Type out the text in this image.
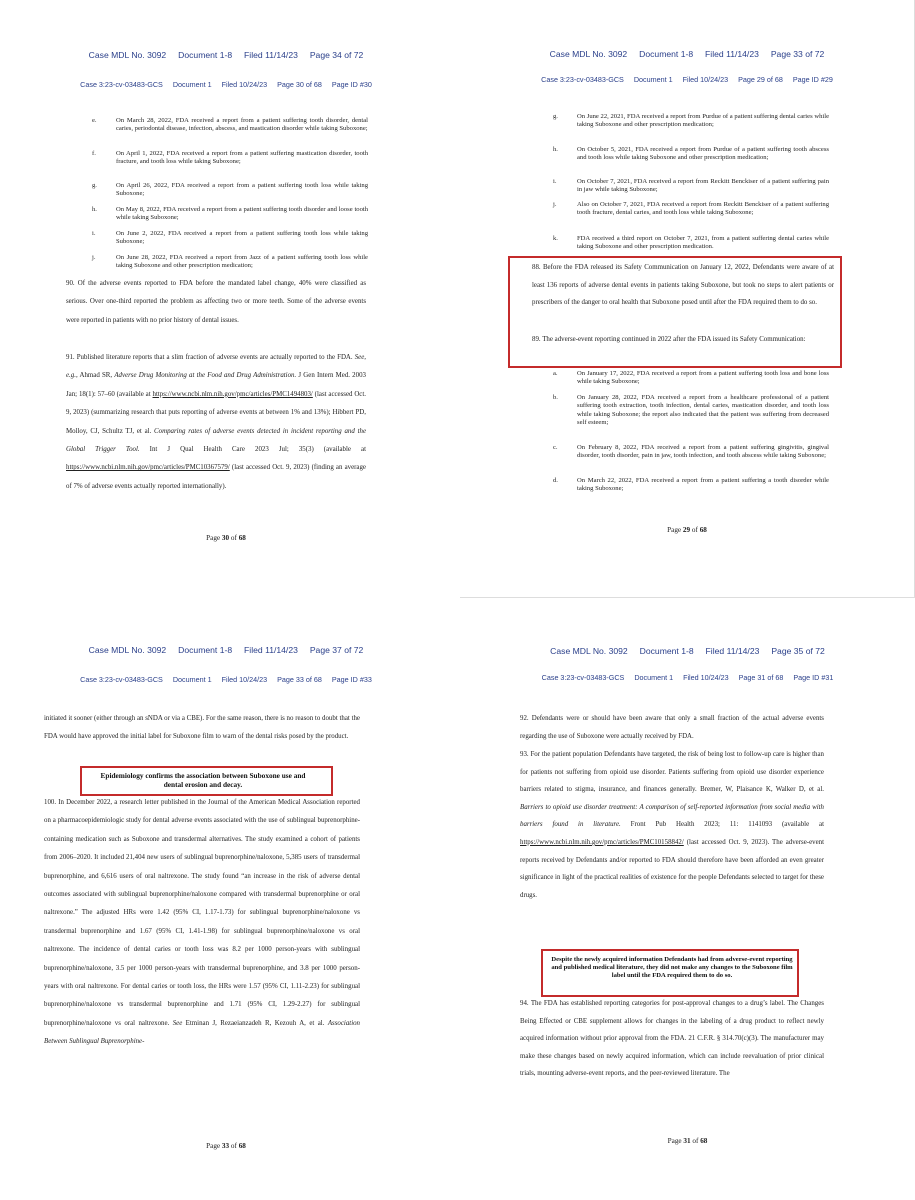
Case MDL No. 3092     Document 1-8     Filed 11/14/23     Page 34 of 72
Case 3:23-cv-03483-GCS     Document 1     Filed 10/24/23     Page 30 of 68     Page ID #30
e.	On March 28, 2022, FDA received a report from a patient suffering tooth disorder, dental caries, periodontal disease, infection, abscess, and mastication disorder while taking Suboxone;
f.	On April 1, 2022, FDA received a report from a patient suffering mastication disorder, tooth fracture, and tooth loss while taking Suboxone;
g.	On April 26, 2022, FDA received a report from a patient suffering tooth loss while taking Suboxone;
h.	On May 8, 2022, FDA received a report from a patient suffering tooth disorder and loose tooth while taking Suboxone;
i.	On June 2, 2022, FDA received a report from a patient suffering tooth loss while taking Suboxone;
j.	On June 28, 2022, FDA received a report from Jazz of a patient suffering tooth loss while taking Suboxone and other prescription medication;
90. Of the adverse events reported to FDA before the mandated label change, 40% were classified as serious. Over one-third reported the problem as affecting two or more teeth. Some of the adverse events were reported in patients with no prior history of dental issues.
91. Published literature reports that a slim fraction of adverse events are actually reported to the FDA. See, e.g., Ahmad SR, Adverse Drug Monitoring at the Food and Drug Administration. J Gen Intern Med. 2003 Jan; 18(1): 57–60 (available at https://www.ncbi.nlm.nih.gov/pmc/articles/PMC1494803/ (last accessed Oct. 9, 2023) (summarizing research that puts reporting of adverse events at between 1% and 13%); Hibbert PD, Molloy, CJ, Schultz TJ, et al. Comparing rates of adverse events detected in incident reporting and the Global Trigger Tool. Int J Qual Health Care 2023 Jul; 35(3) (available at https://www.ncbi.nlm.nih.gov/pmc/articles/PMC10367579/ (last accessed Oct. 9, 2023) (finding an average of 7% of adverse events actually reported internationally).
Page 30 of 68
Case MDL No. 3092     Document 1-8     Filed 11/14/23     Page 33 of 72
Case 3:23-cv-03483-GCS     Document 1     Filed 10/24/23     Page 29 of 68     Page ID #29
g.	On June 22, 2021, FDA received a report from Purdue of a patient suffering dental caries while taking Suboxone and other prescription medication;
h.	On October 5, 2021, FDA received a report from Purdue of a patient suffering tooth abscess and tooth loss while taking Suboxone and other prescription medication;
i.	On October 7, 2021, FDA received a report from Reckitt Benckiser of a patient suffering pain in jaw while taking Suboxone;
j.	Also on October 7, 2021, FDA received a report from Reckitt Benckiser of a patient suffering tooth fracture, dental caries, and tooth loss while taking Suboxone;
k.	FDA received a third report on October 7, 2021, from a patient suffering dental caries while taking Suboxone and other prescription medication.
88. Before the FDA released its Safety Communication on January 12, 2022, Defendants were aware of at least 136 reports of adverse dental events in patients taking Suboxone, but took no steps to alert patients or prescribers of the danger to oral health that Suboxone posed until after the FDA required them to do so.
89. The adverse-event reporting continued in 2022 after the FDA issued its Safety Communication:
a.	On January 17, 2022, FDA received a report from a patient suffering tooth loss and bone loss while taking Suboxone;
b.	On January 28, 2022, FDA received a report from a healthcare professional of a patient suffering tooth extraction, tooth infection, dental caries, mastication disorder, and tooth loss while taking Suboxone; the report also indicated that the patient was suffering from decreased self esteem;
c.	On February 8, 2022, FDA received a report from a patient suffering gingivitis, gingival disorder, tooth disorder, pain in jaw, tooth infection, and tooth abscess while taking Suboxone;
d.	On March 22, 2022, FDA received a report from a patient suffering a tooth disorder while taking Suboxone;
Page 29 of 68
Case MDL No. 3092     Document 1-8     Filed 11/14/23     Page 37 of 72
Case 3:23-cv-03483-GCS     Document 1     Filed 10/24/23     Page 33 of 68     Page ID #33
initiated it sooner (either through an sNDA or via a CBE). For the same reason, there is no reason to doubt that the FDA would have approved the initial label for Suboxone film to warn of the dental risks posed by the product.
Epidemiology confirms the association between Suboxone use and dental erosion and decay.
100. In December 2022, a research letter published in the Journal of the American Medical Association reported on a pharmacoepidemiologic study for dental adverse events associated with the use of sublingual buprenorphine-containing medication such as Suboxone and transdermal alternatives. The study examined a cohort of patients from 2006–2020. It included 21,404 new users of sublingual buprenorphine/naloxone, 5,385 users of transdermal buprenorphine, and 6,616 users of oral naltrexone. The study found “an increase in the risk of adverse dental outcomes associated with sublingual buprenorphine/naloxone compared with transdermal buprenorphine or oral naltrexone.” The adjusted HRs were 1.42 (95% CI, 1.17-1.73) for sublingual buprenorphine/naloxone vs transdermal buprenorphine and 1.67 (95% CI, 1.41-1.98) for sublingual buprenorphine/naloxone vs oral naltrexone. The incidence of dental caries or tooth loss was 8.2 per 1000 person-years with sublingual buprenorphine/naloxone, 3.5 per 1000 person-years with transdermal buprenorphine, and 3.8 per 1000 person-years with oral naltrexone. For dental caries or tooth loss, the HRs were 1.57 (95% CI, 1.11-2.23) for sublingual buprenorphine/naloxone vs transdermal buprenorphine and 1.71 (95% CI, 1.29-2.27) for sublingual buprenorphine/naloxone vs oral naltrexone. See Etminan J, Rezaeianzadeh R, Kezouh A, et al. Association Between Sublingual Buprenorphine-
Page 33 of 68
Case MDL No. 3092     Document 1-8     Filed 11/14/23     Page 35 of 72
Case 3:23-cv-03483-GCS     Document 1     Filed 10/24/23     Page 31 of 68     Page ID #31
92. Defendants were or should have been aware that only a small fraction of the actual adverse events regarding the use of Suboxone were actually received by FDA.
93. For the patient population Defendants have targeted, the risk of being lost to follow-up care is higher than for patients not suffering from opioid use disorder. Patients suffering from opioid use disorder experience barriers related to stigma, insurance, and finances generally. Bremer, W, Plaisance K, Walker D, et al. Barriers to opioid use disorder treatment: A comparison of self-reported information from social media with barriers found in literature. Front Pub Health 2023; 11: 1141093 (available at https://www.ncbi.nlm.nih.gov/pmc/articles/PMC10158842/ (last accessed Oct. 9, 2023). The adverse-event reports received by Defendants and/or reported to FDA should therefore have been afforded an even greater significance in light of the practical realities of existence for the people Defendants selected to target for these drugs.
Despite the newly acquired information Defendants had from adverse-event reporting and published medical literature, they did not make any changes to the Suboxone film label until the FDA required them to do so.
94. The FDA has established reporting categories for post-approval changes to a drug’s label. The Changes Being Effected or CBE supplement allows for changes in the labeling of a drug product to reflect newly acquired information without prior approval from the FDA. 21 C.F.R. § 314.70(c)(3). The manufacturer may make these changes based on newly acquired information, which can include reevaluation of prior clinical trials, mounting adverse-event reports, and the peer-reviewed literature. The
Page 31 of 68
